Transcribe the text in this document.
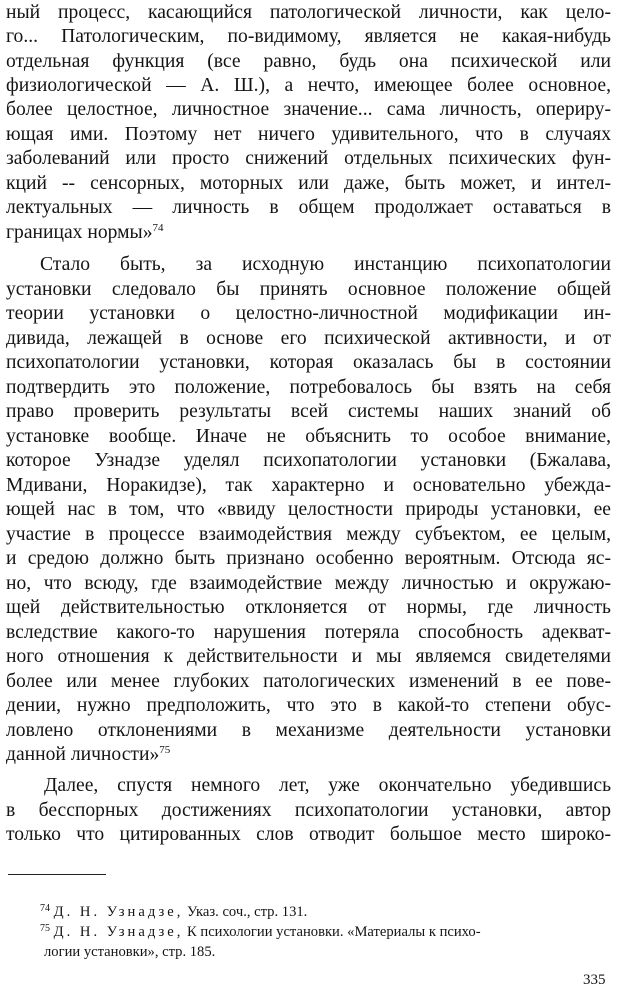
ный процесс, касающийся патологической личности, как цело-
го... Патологическим, по-видимому, является не какая-нибудь
отдельная функция (все равно, будь она психической или
физиологической — А. Ш.), а нечто, имеющее более основное,
более целостное, личностное значение... сама личность, опериру-
ющая ими. Поэтому нет ничего удивительного, что в случаях
заболеваний или просто снижений отдельных психических фун-
кций -- сенсорных, моторных или даже, быть может, и интел-
лектуальных — личность в общем продолжает оставаться в
границах нормы»$^{74}$
Стало быть, за исходную инстанцию психопатологии
установки следовало бы принять основное положение общей
теории установки о целостно-личностной модификации ин-
дивида, лежащей в основе его психической активности, и от
психопатологии установки, которая оказалась бы в состоянии
подтвердить это положение, потребовалось бы взять на себя
право проверить результаты всей системы наших знаний об
установке вообще. Иначе не объяснить то особое внимание,
которое Узнадзе уделял психопатологии установки (Бжалава,
Мдивани, Норакидзе), так характерно и основательно убежда-
ющей нас в том, что «ввиду целостности природы установки, ее
участие в процессе взаимодействия между субъектом, ее целым,
и средою должно быть признано особенно вероятным. Отсюда яс-
но, что всюду, где взаимодействие между личностью и окружаю-
щей действительностью отклоняется от нормы, где личность
вследствие какого-то нарушения потеряла способность адекват-
ного отношения к действительности и мы являемся свидетелями
более или менее глубоких патологических изменений в ее пове-
дении, нужно предположить, что это в какой-то степени обус-
ловлено отклонениями в механизме деятельности установки
данной личности»$^{75}$
Далее, спустя немного лет, уже окончательно убедившись
в бесспорных достижениях психопатологии установки, автор
только что цитированных слов отводит большое место широко-
$^{74}$ Д. Н. Узнадзе, Указ. соч., стр. 131.
$^{75}$ Д. Н. Узнадзе, К психологии установки. «Материалы к психо-
логии установки», стр. 185.
335
